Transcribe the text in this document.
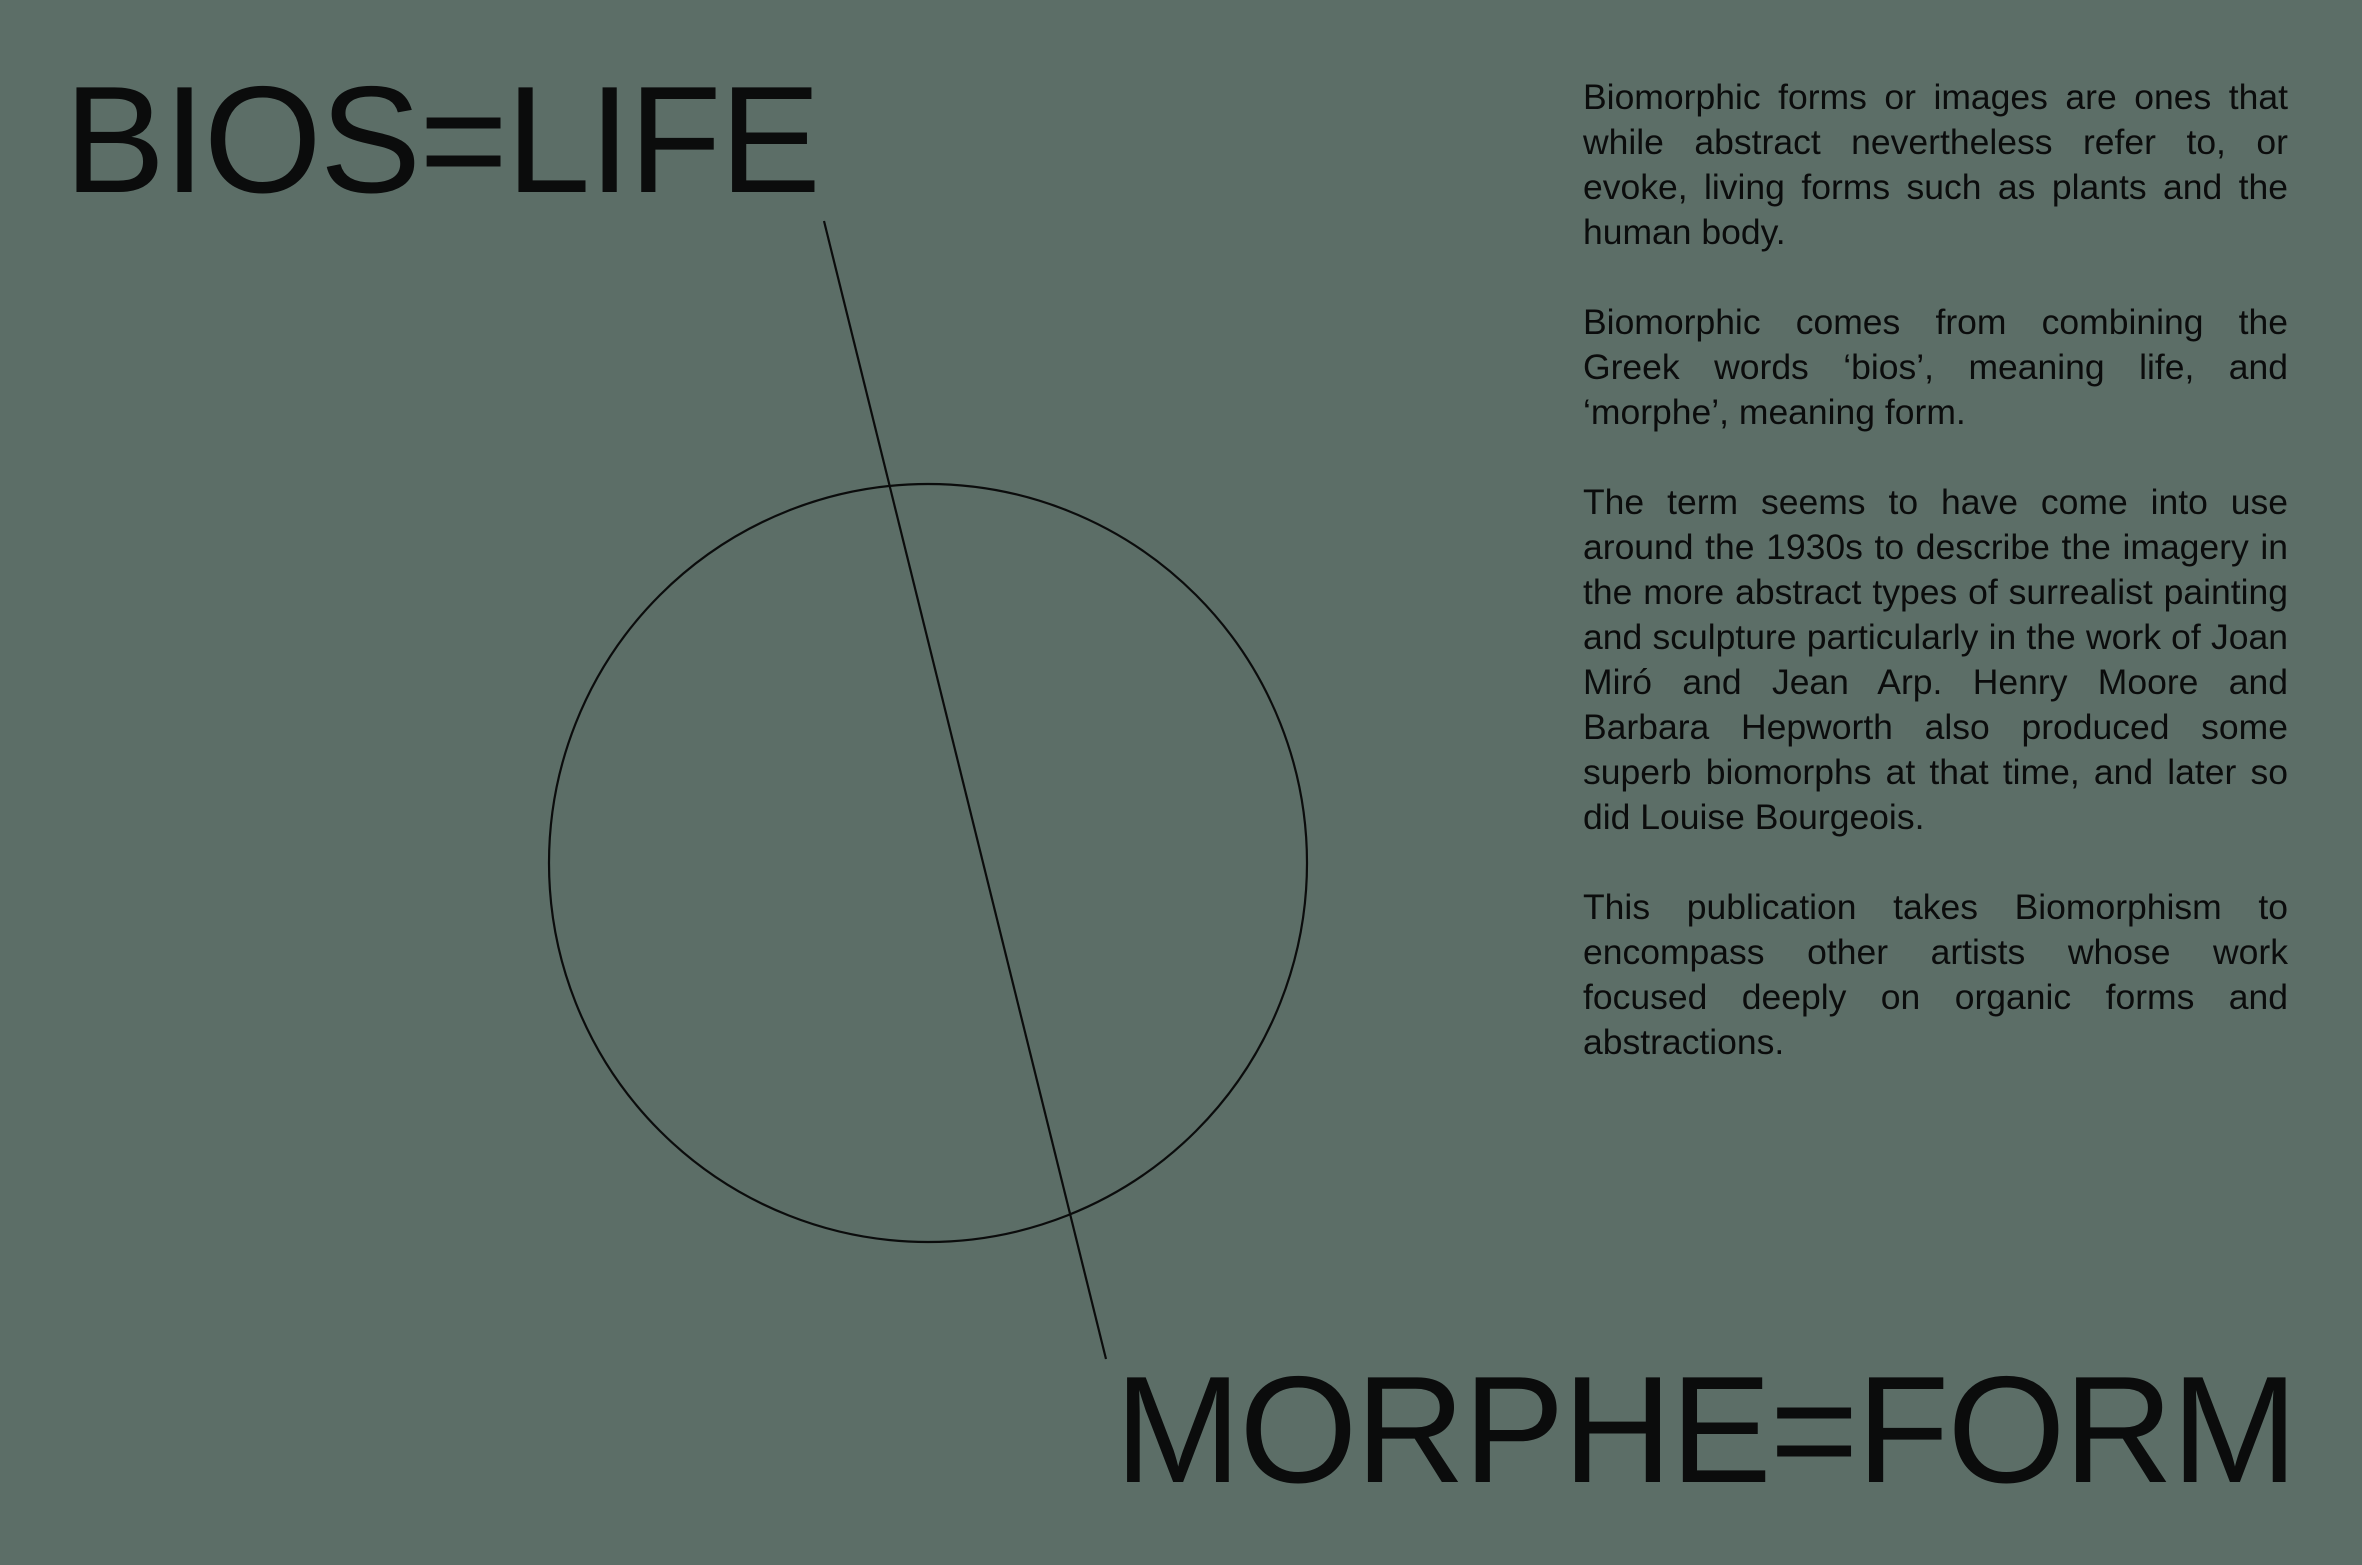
BIOS=LIFE	Biomorphic forms or images are ones that while abstract nevertheless refer to, or evoke, living forms such as plants and the human body.

Biomorphic comes from combining the Greek words ‘bios’, meaning life, and ‘morphe’, meaning form.

The term seems to have come into use around the 1930s to describe the imagery in the more abstract types of surrealist painting and sculpture particularly in the work of Joan Miró and Jean Arp. Henry Moore and Barbara Hepworth also produced some superb biomorphs at that time, and later so did Louise Bourgeois.

This publication takes Biomorphism to encompass other artists whose work focused deeply on organic forms and abstractions.

MORPHE=FORM
